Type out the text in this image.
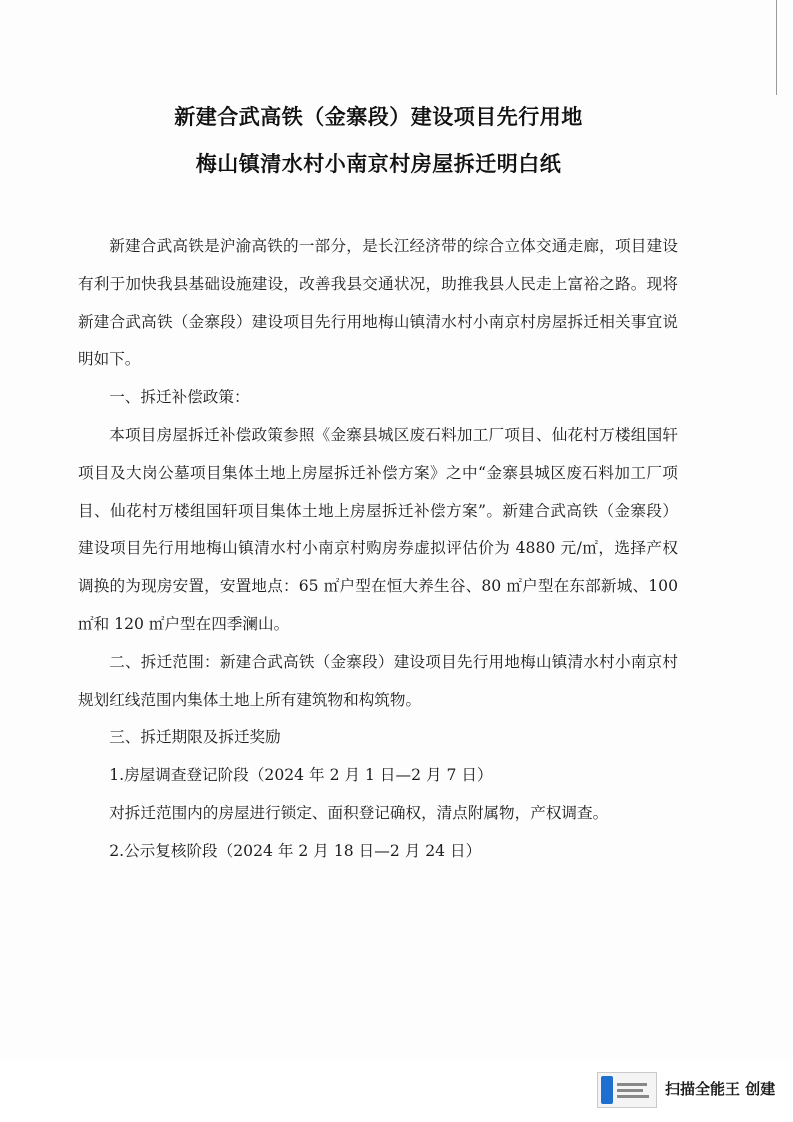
新建合武高铁（金寨段）建设项目先行用地
梅山镇清水村小南京村房屋拆迁明白纸

新建合武高铁是沪渝高铁的一部分，是长江经济带的综合立体交通走廊，项目建设有利于加快我县基础设施建设，改善我县交通状况，助推我县人民走上富裕之路。现将新建合武高铁（金寨段）建设项目先行用地梅山镇清水村小南京村房屋拆迁相关事宜说明如下。

一、拆迁补偿政策：

本项目房屋拆迁补偿政策参照《金寨县城区废石料加工厂项目、仙花村万楼组国轩项目及大岗公墓项目集体土地上房屋拆迁补偿方案》之中“金寨县城区废石料加工厂项目、仙花村万楼组国轩项目集体土地上房屋拆迁补偿方案”。新建合武高铁（金寨段）建设项目先行用地梅山镇清水村小南京村购房券虚拟评估价为 4880 元/㎡，选择产权调换的为现房安置，安置地点：65 ㎡户型在恒大养生谷、80 ㎡户型在东部新城、100 ㎡和 120 ㎡户型在四季澜山。

二、拆迁范围：新建合武高铁（金寨段）建设项目先行用地梅山镇清水村小南京村规划红线范围内集体土地上所有建筑物和构筑物。

三、拆迁期限及拆迁奖励

1.房屋调查登记阶段（2024 年 2 月 1 日—2 月 7 日）

对拆迁范围内的房屋进行锁定、面积登记确权，清点附属物，产权调查。

2.公示复核阶段（2024 年 2 月 18 日—2 月 24 日）

扫描全能王 创建
